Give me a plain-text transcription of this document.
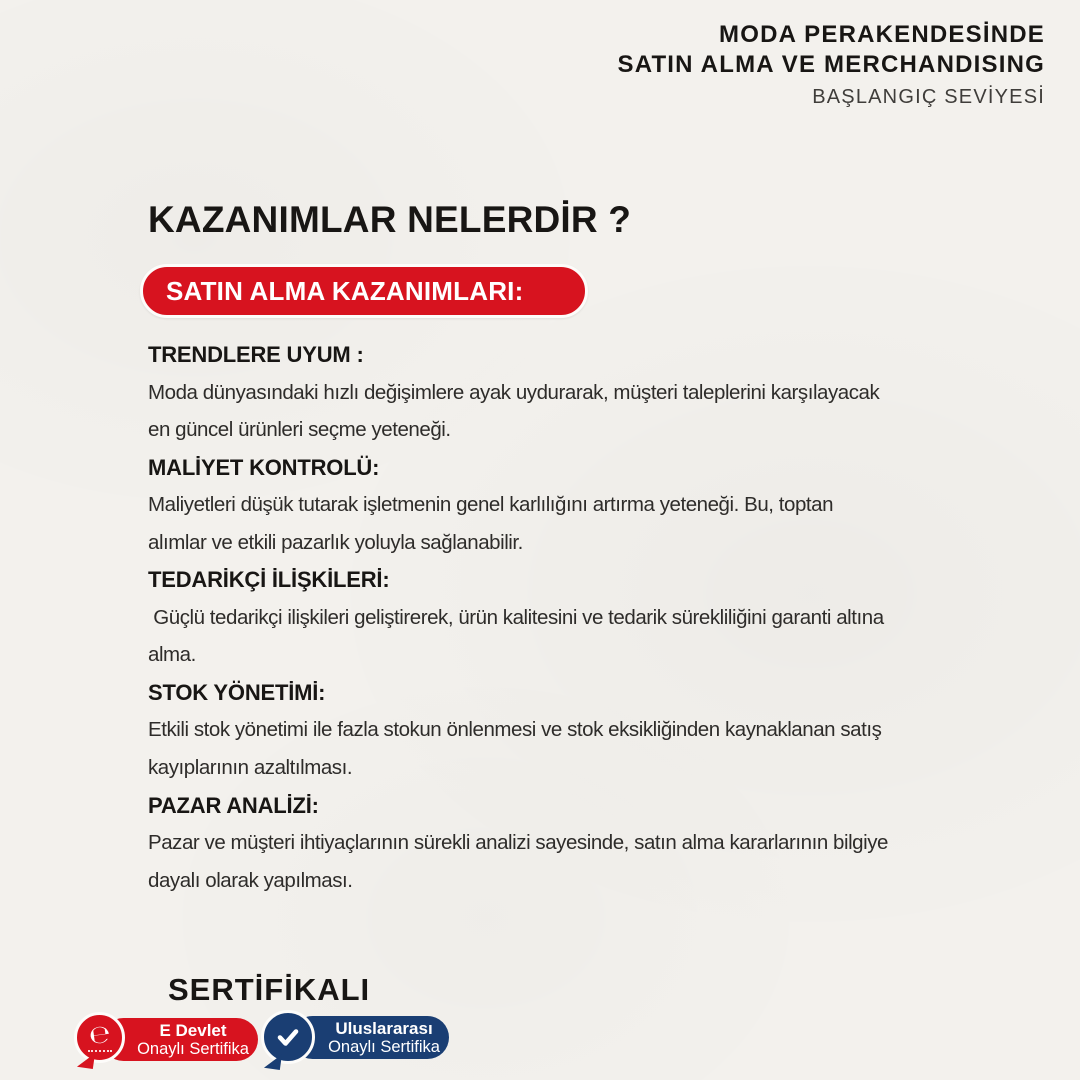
MODA PERAKENDESİNDE
SATIN ALMA VE MERCHANDISING
BAŞLANGIÇ SEVİYESİ
KAZANIMLAR NELERDİR ?
SATIN ALMA KAZANIMLARI:
TRENDLERE UYUM :
Moda dünyasındaki hızlı değişimlere ayak uydurarak, müşteri taleplerini karşılayacak
en güncel ürünleri seçme yeteneği.
MALİYET KONTROLÜ:
Maliyetleri düşük tutarak işletmenin genel karlılığını artırma yeteneği. Bu, toptan
alımlar ve etkili pazarlık yoluyla sağlanabilir.
TEDARİKÇİ İLİŞKİLERİ:
Güçlü tedarikçi ilişkileri geliştirerek, ürün kalitesini ve tedarik sürekliliğini garanti altına
alma.
STOK YÖNETİMİ:
Etkili stok yönetimi ile fazla stokun önlenmesi ve stok eksikliğinden kaynaklanan satış
kayıplarının azaltılması.
PAZAR ANALİZİ:
Pazar ve müşteri ihtiyaçlarının sürekli analizi sayesinde, satın alma kararlarının bilgiye
dayalı olarak yapılması.
SERTİFİKALI
E Devlet
Onaylı Sertifika
℮	Uluslararası
Onaylı Sertifika
